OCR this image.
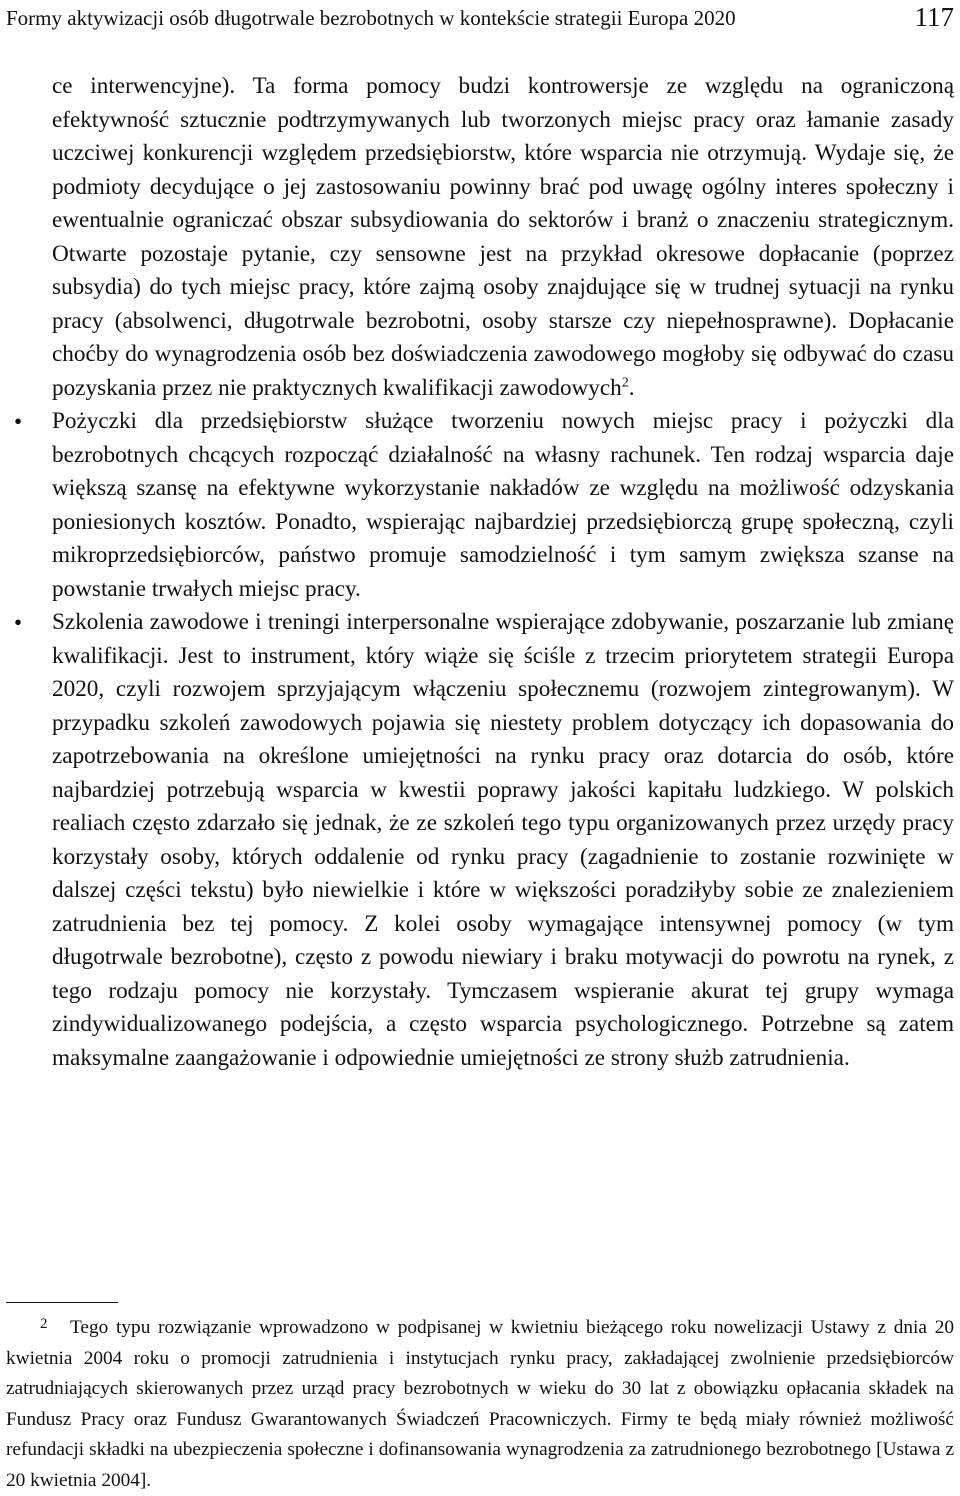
Formy aktywizacji osób długotrwale bezrobotnych w kontekście strategii Europa 2020	117

ce interwencyjne). Ta forma pomocy budzi kontrowersje ze względu na ograniczoną efektywność sztucznie podtrzymywanych lub tworzonych miejsc pracy oraz łamanie zasady uczciwej konkurencji względem przedsiębiorstw, które wsparcia nie otrzymują. Wydaje się, że podmioty decydujące o jej zastosowaniu powinny brać pod uwagę ogólny interes społeczny i ewentualnie ograniczać obszar subsydiowania do sektorów i branż o znaczeniu strategicznym. Otwarte pozostaje pytanie, czy sensowne jest na przykład okresowe dopłacanie (poprzez subsydia) do tych miejsc pracy, które zajmą osoby znajdujące się w trudnej sytuacji na rynku pracy (absolwenci, długotrwale bezrobotni, osoby starsze czy niepełnosprawne). Dopłacanie choćby do wynagrodzenia osób bez doświadczenia zawodowego mogłoby się odbywać do czasu pozyskania przez nie praktycznych kwalifikacji zawodowych$^2$.

• Pożyczki dla przedsiębiorstw służące tworzeniu nowych miejsc pracy i pożyczki dla bezrobotnych chcących rozpocząć działalność na własny rachunek. Ten rodzaj wsparcia daje większą szansę na efektywne wykorzystanie nakładów ze względu na możliwość odzyskania poniesionych kosztów. Ponadto, wspierając najbardziej przedsiębiorczą grupę społeczną, czyli mikroprzedsiębiorców, państwo promuje samodzielność i tym samym zwiększa szanse na powstanie trwałych miejsc pracy.
• Szkolenia zawodowe i treningi interpersonalne wspierające zdobywanie, poszarzanie lub zmianę kwalifikacji. Jest to instrument, który wiąże się ściśle z trzecim priorytetem strategii Europa 2020, czyli rozwojem sprzyjającym włączeniu społecznemu (rozwojem zintegrowanym). W przypadku szkoleń zawodowych pojawia się niestety problem dotyczący ich dopasowania do zapotrzebowania na określone umiejętności na rynku pracy oraz dotarcia do osób, które najbardziej potrzebują wsparcia w kwestii poprawy jakości kapitału ludzkiego. W polskich realiach często zdarzało się jednak, że ze szkoleń tego typu organizowanych przez urzędy pracy korzystały osoby, których oddalenie od rynku pracy (zagadnienie to zostanie rozwinięte w dalszej części tekstu) było niewielkie i które w większości poradziłyby sobie ze znalezieniem zatrudnienia bez tej pomocy. Z kolei osoby wymagające intensywnej pomocy (w tym długotrwale bezrobotne), często z powodu niewiary i braku motywacji do powrotu na rynek, z tego rodzaju pomocy nie korzystały. Tymczasem wspieranie akurat tej grupy wymaga zindywidualizowanego podejścia, a często wsparcia psychologicznego. Potrzebne są zatem maksymalne zaangażowanie i odpowiednie umiejętności ze strony służb zatrudnienia.

2 Tego typu rozwiązanie wprowadzono w podpisanej w kwietniu bieżącego roku nowelizacji Ustawy z dnia 20 kwietnia 2004 roku o promocji zatrudnienia i instytucjach rynku pracy, zakładającej zwolnienie przedsiębiorców zatrudniających skierowanych przez urząd pracy bezrobotnych w wieku do 30 lat z obowiązku opłacania składek na Fundusz Pracy oraz Fundusz Gwarantowanych Świadczeń Pracowniczych. Firmy te będą miały również możliwość refundacji składki na ubezpieczenia społeczne i dofinansowania wynagrodzenia za zatrudnionego bezrobotnego [Ustawa z 20 kwietnia 2004].
